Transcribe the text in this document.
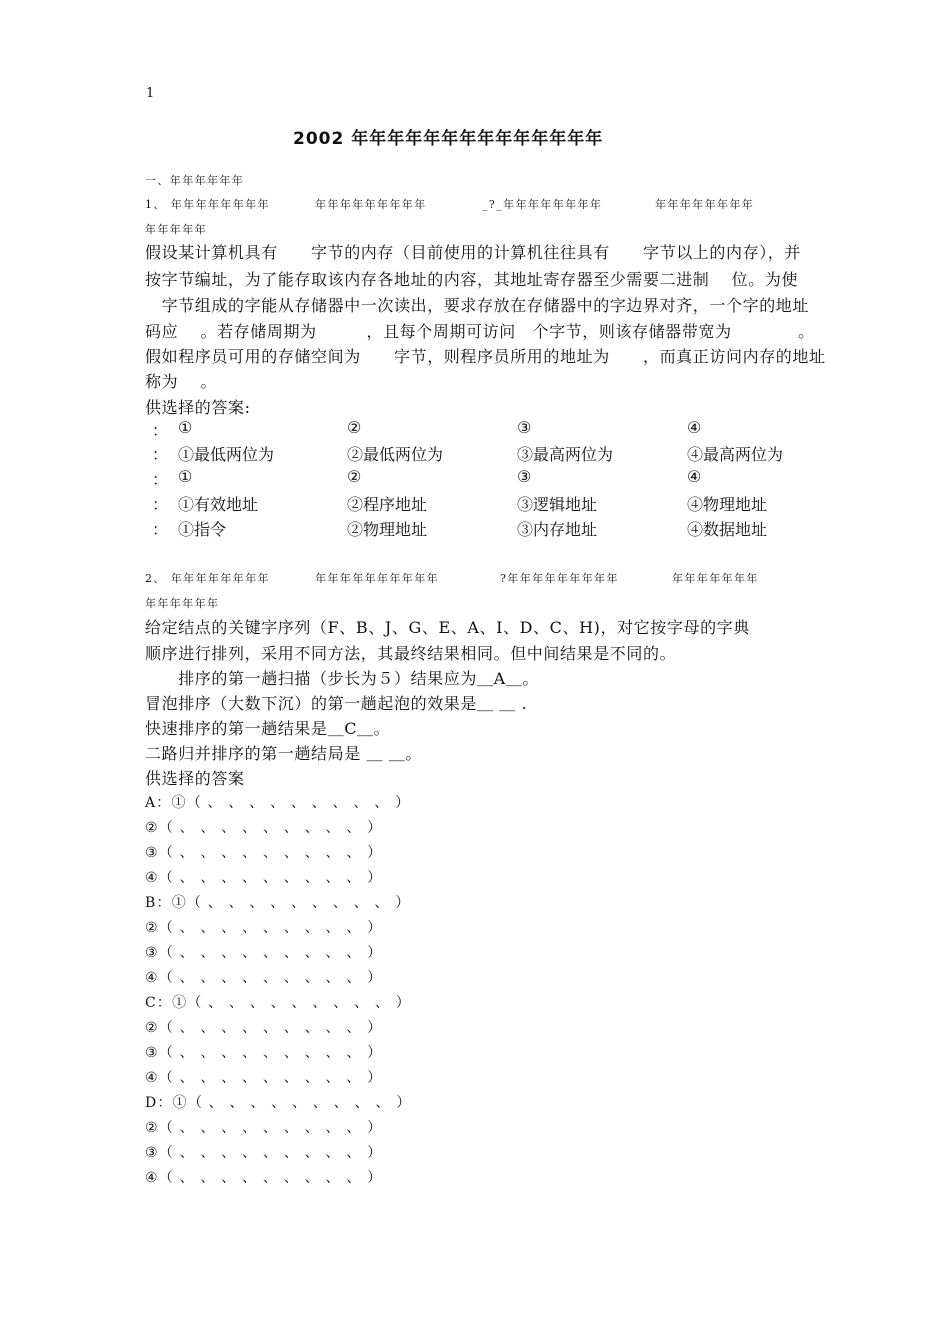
1
2002 年年年年年年年年年年年年年年
一、年年年年年年
1、 年年年年年年年年	年年年年年年年年年	_?_年年年年年年年年	年年年年年年年年
年年年年年
假设某计算机具有　　字节的内存（目前使用的计算机往往具有　　字节以上的内存），并
按字节编址，为了能存取该内存各地址的内容，其地址寄存器至少需要二进制　 位。为使
　字节组成的字能从存储器中一次读出，要求存放在存储器中的字边界对齐，一个字的地址
码应　 。若存储周期为　　　，且每个周期可访问　个字节，则该存储器带宽为　　　　。
假如程序员可用的存储空间为　　字节，则程序员所用的地址为　　，而真正访问内存的地址
称为　 。
供选择的答案:
： ①	②	③	④
： ①最低两位为	②最低两位为	③最高两位为	④最高两位为
： ①	②	③	④
： ①有效地址	②程序地址	③逻辑地址	④物理地址
： ①指令	②物理地址	③内存地址	④数据地址
2、 年年年年年年年年	年年年年年年年年年年	?年年年年年年年年年	年年年年年年年
年年年年年年
给定结点的关键字序列（F、B、J、G、E、A、I、D、C、H)，对它按字母的字典
顺序进行排列，采用不同方法，其最终结果相同。但中间结果是不同的。
　　排序的第一趟扫描（步长为５）结果应为＿A＿。
冒泡排序（大数下沉）的第一趟起泡的效果是＿ ＿ .
快速排序的第一趟结果是＿C＿。
二路归并排序的第一趟结局是 ＿ ＿。
供选择的答案
A：①（ 、 、 、 、 、 、 、 、 、 ）
②（ 、 、 、 、 、 、 、 、 、 ）
③（ 、 、 、 、 、 、 、 、 、 ）
④（ 、 、 、 、 、 、 、 、 、 ）
B：①（ 、 、 、 、 、 、 、 、 、 ）
②（ 、 、 、 、 、 、 、 、 、 ）
③（ 、 、 、 、 、 、 、 、 、 ）
④（ 、 、 、 、 、 、 、 、 、 ）
C：①（ 、 、 、 、 、 、 、 、 、 ）
②（ 、 、 、 、 、 、 、 、 、 ）
③（ 、 、 、 、 、 、 、 、 、 ）
④（ 、 、 、 、 、 、 、 、 、 ）
D：①（ 、 、 、 、 、 、 、 、 、 ）
②（ 、 、 、 、 、 、 、 、 、 ）
③（ 、 、 、 、 、 、 、 、 、 ）
④（ 、 、 、 、 、 、 、 、 、 ）
